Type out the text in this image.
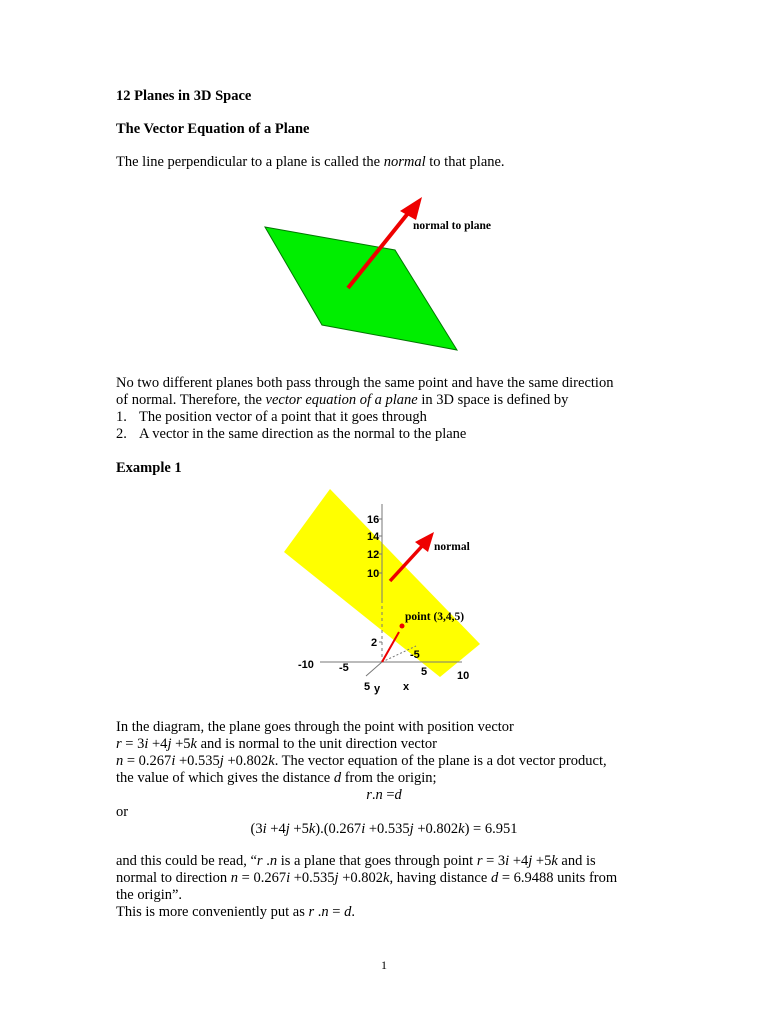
12 Planes in 3D Space
The Vector Equation of a Plane
The line perpendicular to a plane is called the normal to that plane.
normal to plane
No two different planes both pass through the same point and have the same direction
of normal. Therefore, the vector equation of a plane in 3D space is defined by
1. The position vector of a point that it goes through
2. A vector in the same direction as the normal to the plane
Example 1
16
14
12
10
2
-10 -5	5	10
-5
5 y x
point (3,4,5)
normal
In the diagram, the plane goes through the point with position vector
r = 3i +4j +5k and is normal to the unit direction vector
n = 0.267i +0.535j +0.802k. The vector equation of the plane is a dot vector product,
the value of which gives the distance d from the origin;
r.n =d
or
(3i +4j +5k).(0.267i +0.535j +0.802k) = 6.951
and this could be read, “r .n is a plane that goes through point r = 3i +4j +5k and is
normal to direction n = 0.267i +0.535j +0.802k, having distance d = 6.9488 units from
the origin”.
This is more conveniently put as r .n = d.
1
